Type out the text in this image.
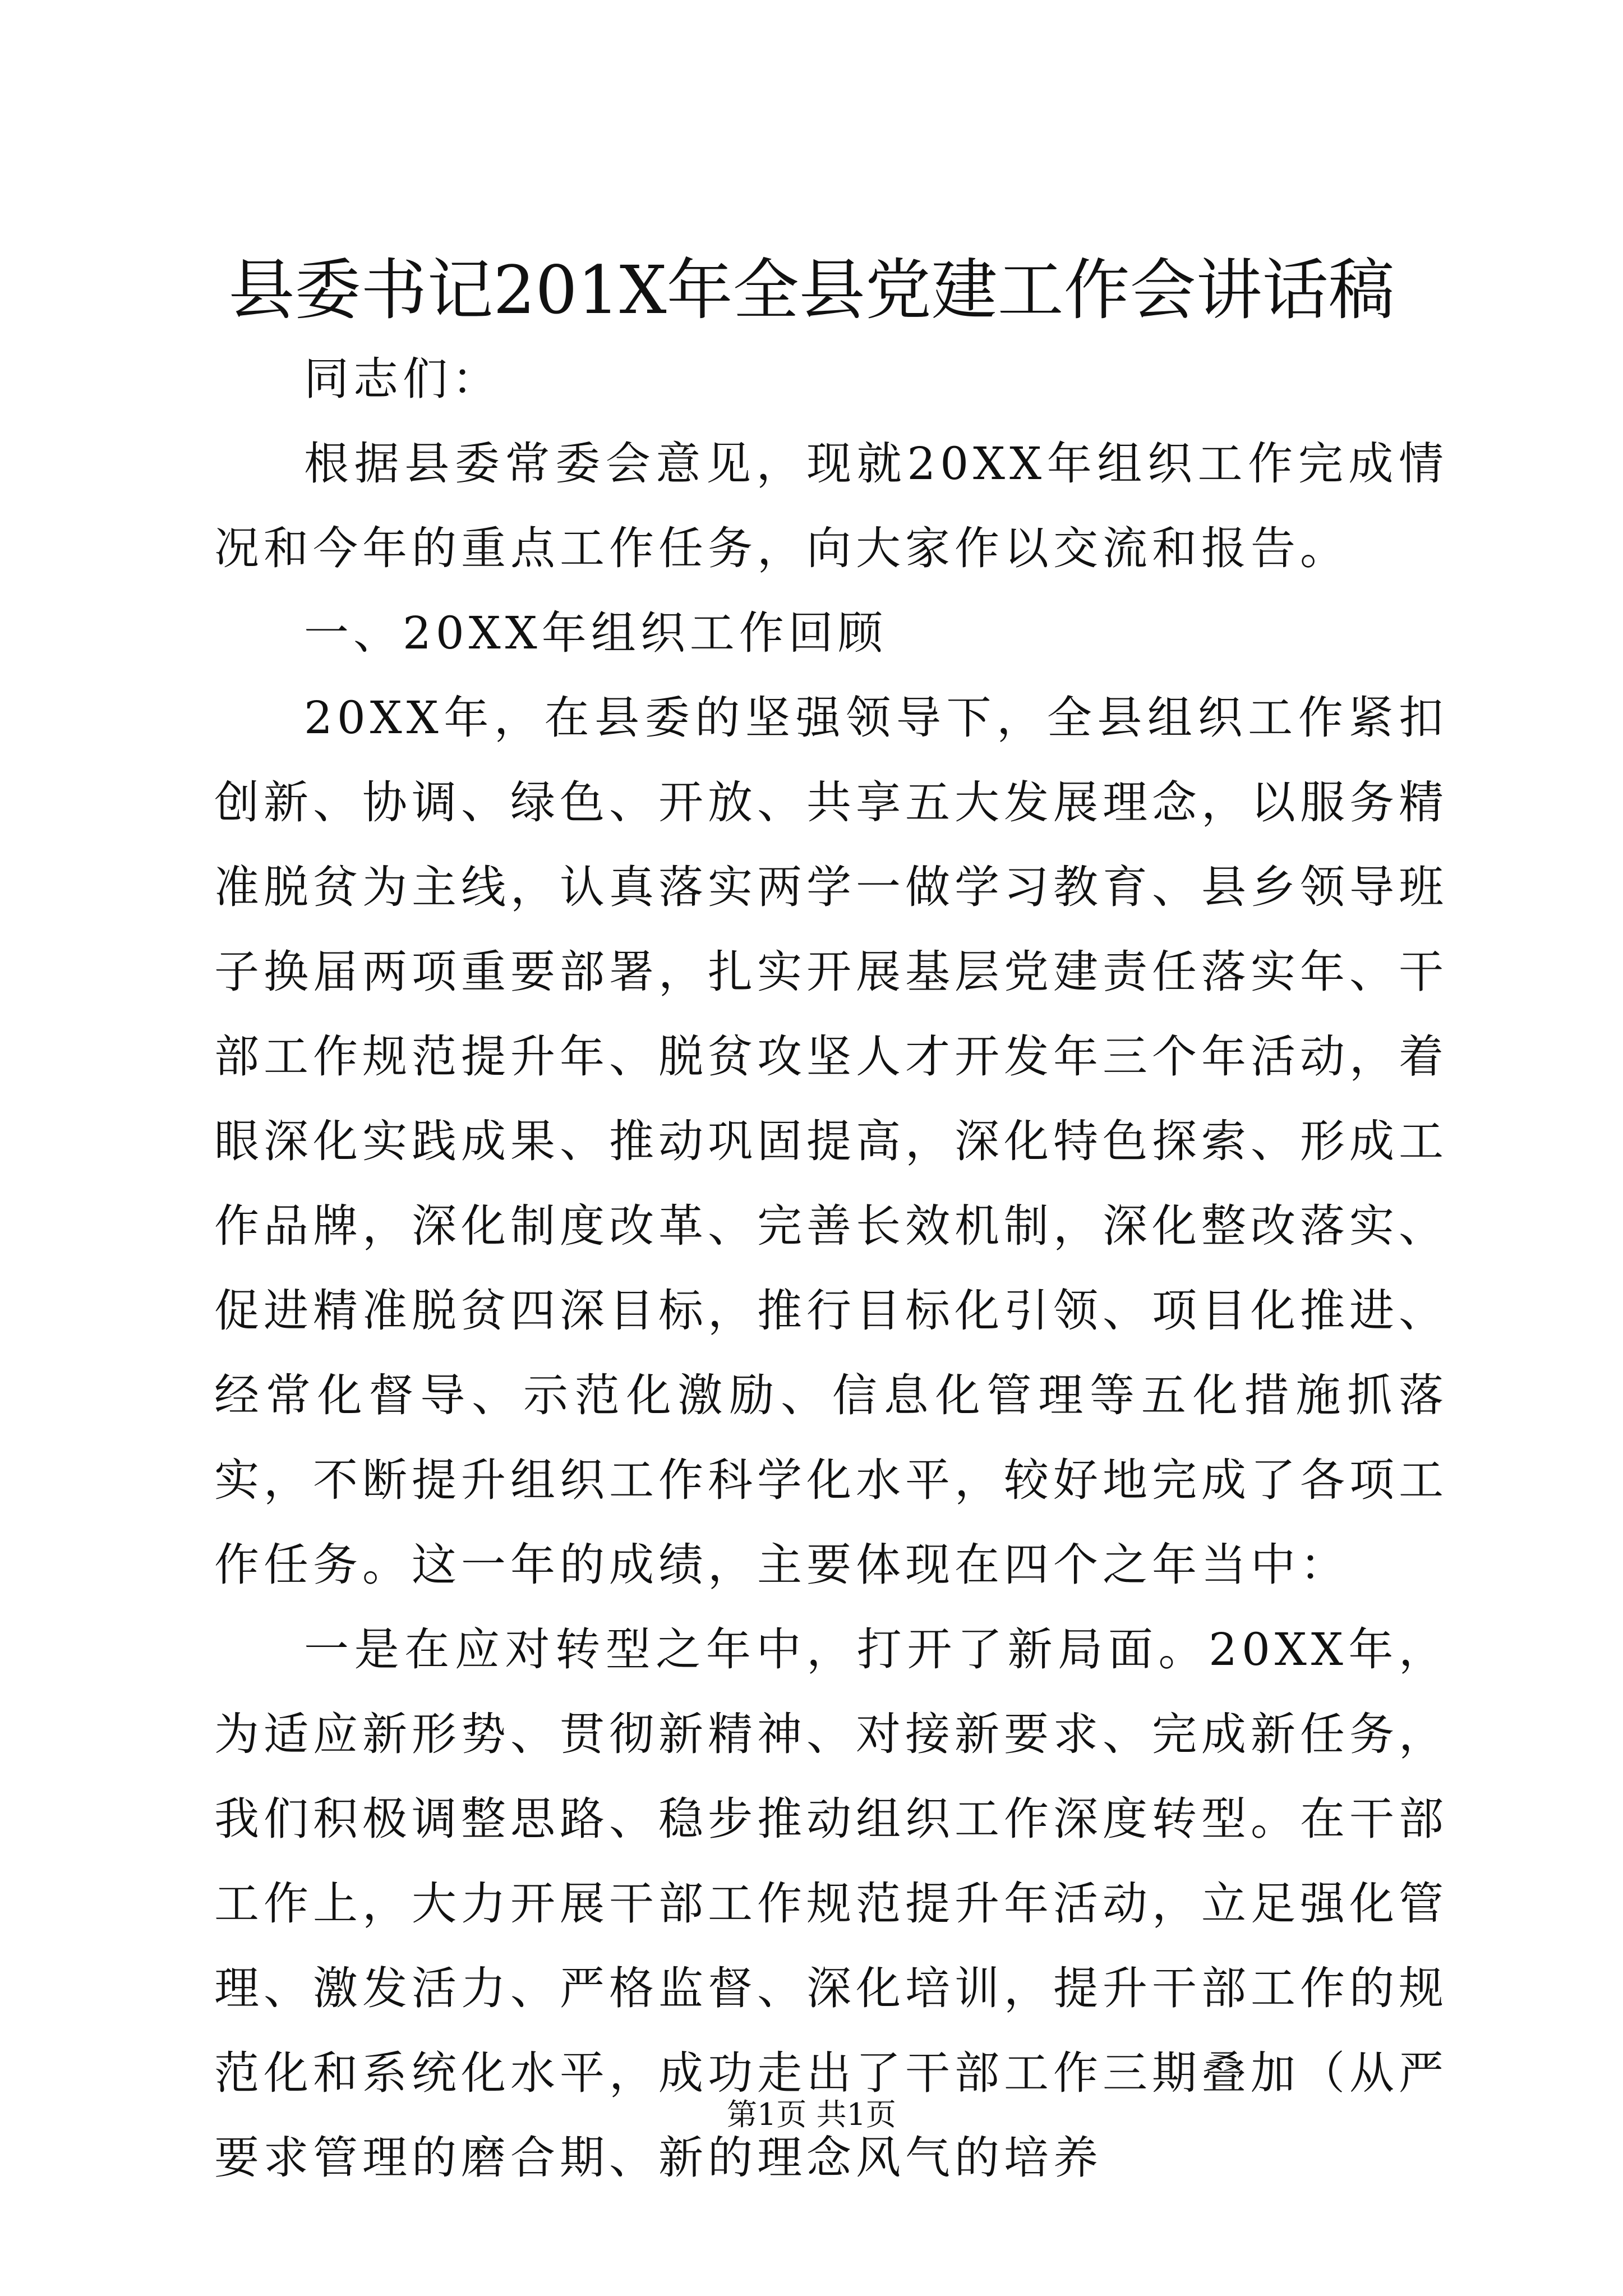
县委书记201X年全县党建工作会讲话稿

同志们：

根据县委常委会意见，现就20XX年组织工作完成情况和今年的重点工作任务，向大家作以交流和报告。

一、20XX年组织工作回顾

20XX年，在县委的坚强领导下，全县组织工作紧扣创新、协调、绿色、开放、共享五大发展理念，以服务精准脱贫为主线，认真落实两学一做学习教育、县乡领导班子换届两项重要部署，扎实开展基层党建责任落实年、干部工作规范提升年、脱贫攻坚人才开发年三个年活动，着眼深化实践成果、推动巩固提高，深化特色探索、形成工作品牌，深化制度改革、完善长效机制，深化整改落实、促进精准脱贫四深目标，推行目标化引领、项目化推进、经常化督导、示范化激励、信息化管理等五化措施抓落实，不断提升组织工作科学化水平，较好地完成了各项工作任务。这一年的成绩，主要体现在四个之年当中：

一是在应对转型之年中，打开了新局面。20XX年，为适应新形势、贯彻新精神、对接新要求、完成新任务，我们积极调整思路、稳步推动组织工作深度转型。在干部工作上，大力开展干部工作规范提升年活动，立足强化管理、激发活力、严格监督、深化培训，提升干部工作的规范化和系统化水平，成功走出了干部工作三期叠加（从严要求管理的磨合期、新的理念风气的培养

第1页 共1页
